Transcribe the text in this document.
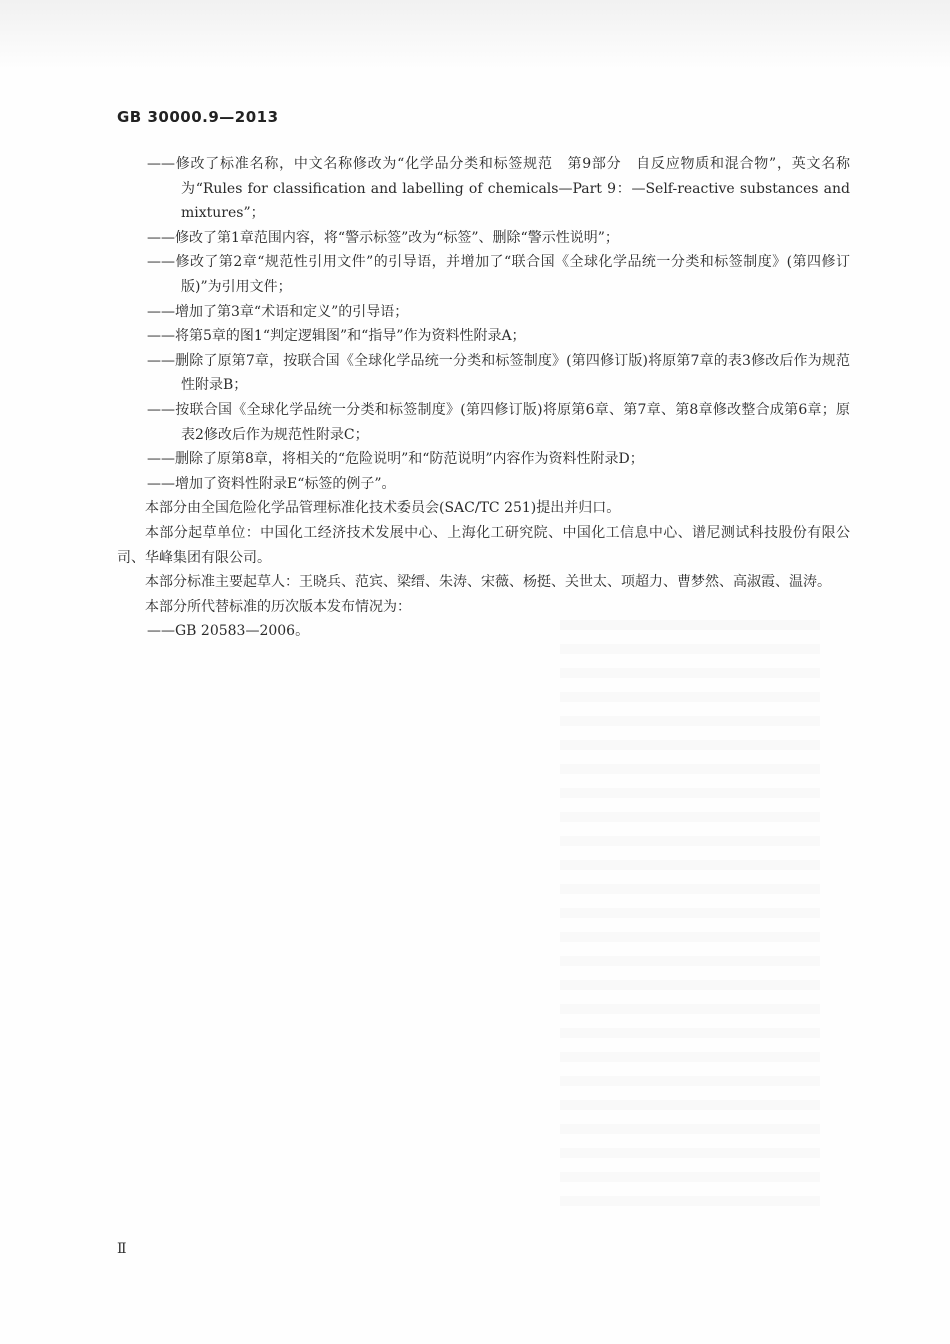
GB 30000.9—2013

——修改了标准名称，中文名称修改为“化学品分类和标签规范　第9部分　自反应物质和混合物”，英文名称为“Rules for classification and labelling of chemicals—Part 9：—Self-reactive substances and mixtures”；

——修改了第1章范围内容，将“警示标签”改为“标签”、删除“警示性说明”；

——修改了第2章“规范性引用文件”的引导语，并增加了“联合国《全球化学品统一分类和标签制度》(第四修订版)”为引用文件；

——增加了第3章“术语和定义”的引导语；

——将第5章的图1“判定逻辑图”和“指导”作为资料性附录A；

——删除了原第7章，按联合国《全球化学品统一分类和标签制度》(第四修订版)将原第7章的表3修改后作为规范性附录B；

——按联合国《全球化学品统一分类和标签制度》(第四修订版)将原第6章、第7章、第8章修改整合成第6章；原表2修改后作为规范性附录C；

——删除了原第8章，将相关的“危险说明”和“防范说明”内容作为资料性附录D；

——增加了资料性附录E“标签的例子”。

本部分由全国危险化学品管理标准化技术委员会(SAC/TC 251)提出并归口。

本部分起草单位：中国化工经济技术发展中心、上海化工研究院、中国化工信息中心、谱尼测试科技股份有限公司、华峰集团有限公司。

本部分标准主要起草人：王晓兵、范宾、梁缙、朱涛、宋薇、杨挺、关世太、项超力、曹梦然、高淑霞、温涛。

本部分所代替标准的历次版本发布情况为：

——GB 20583—2006。

Ⅱ
